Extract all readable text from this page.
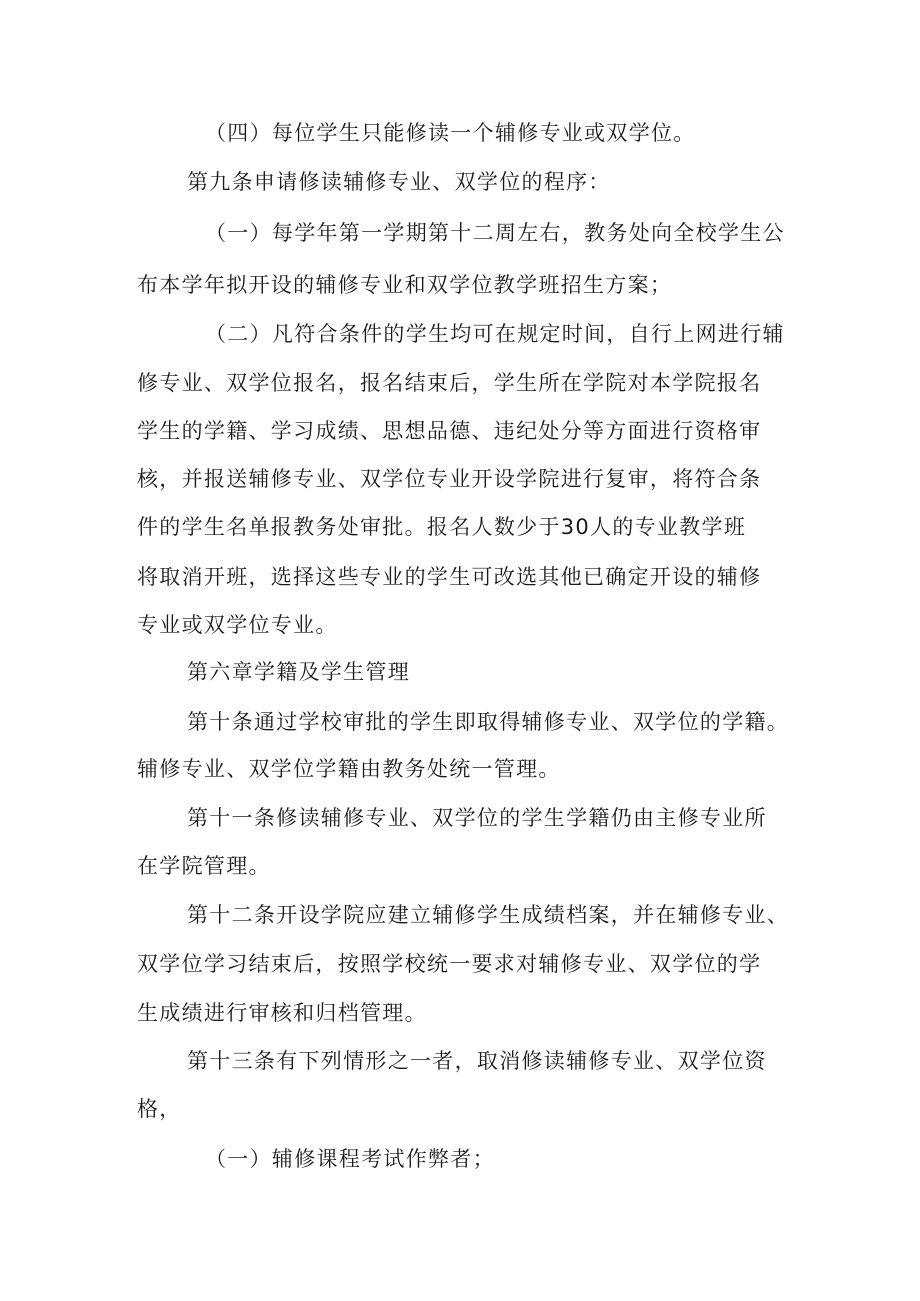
（四）每位学生只能修读一个辅修专业或双学位。
第九条申请修读辅修专业、双学位的程序：
（一）每学年第一学期第十二周左右，教务处向全校学生公
布本学年拟开设的辅修专业和双学位教学班招生方案；
（二）凡符合条件的学生均可在规定时间，自行上网进行辅
修专业、双学位报名，报名结束后，学生所在学院对本学院报名
学生的学籍、学习成绩、思想品德、违纪处分等方面进行资格审
核，并报送辅修专业、双学位专业开设学院进行复审，将符合条
件的学生名单报教务处审批。报名人数少于30人的专业教学班
将取消开班，选择这些专业的学生可改选其他已确定开设的辅修
专业或双学位专业。
第六章学籍及学生管理
第十条通过学校审批的学生即取得辅修专业、双学位的学籍。
辅修专业、双学位学籍由教务处统一管理。
第十一条修读辅修专业、双学位的学生学籍仍由主修专业所
在学院管理。
第十二条开设学院应建立辅修学生成绩档案，并在辅修专业、
双学位学习结束后，按照学校统一要求对辅修专业、双学位的学
生成绩进行审核和归档管理。
第十三条有下列情形之一者，取消修读辅修专业、双学位资
格，
（一）辅修课程考试作弊者；
